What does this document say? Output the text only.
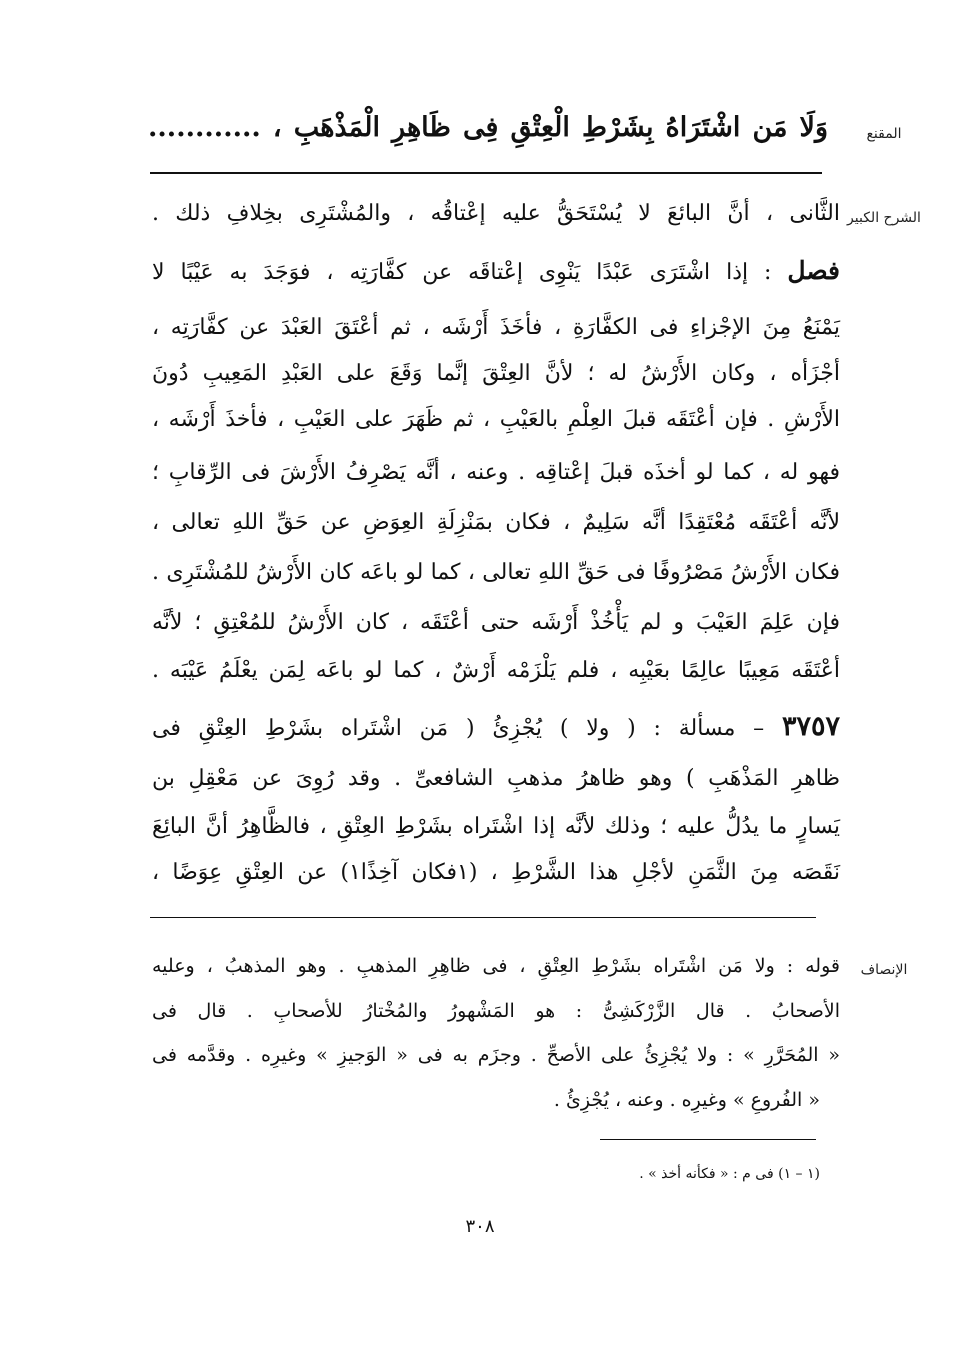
المقنع
وَلَا مَن اشْتَرَاهُ بِشَرْطِ الْعِتْقِ فِى ظَاهِرِ الْمَذْهَبِ ، ............
الشرح الكبير
الثَّانى ، أنَّ البائعَ لا يُسْتَحَقُّ عليه إعْتاقُه ، والمُشْتَرِى بخِلافِ ذلك .
فصل : إذا اشْتَرَى عَبْدًا يَنْوِى إعْتاقَه عن كفَّارَتِه ، فوَجَدَ به عَيْبًا لا
يَمْنَعُ مِنَ الإجْزاءِ فى الكفَّارَةِ ، فأخَذَ أَرْشَه ، ثم أعْتَقَ العَبْدَ عن كفَّارَتِه ،
أجْزَأه ، وكان الأَرْشُ له ؛ لأنَّ العِتْقَ إنَّما وَقَعَ على العَبْدِ المَعِيبِ دُونَ
الأَرْشِ . فإن أعْتَقَه قبلَ العِلْمِ بالعَيْبِ ، ثم ظَهَرَ على العَيْبِ ، فأخذَ أَرْشَه ،
فهو له ، كما لو أخذَه قبلَ إعْتاقِه . وعنه ، أنَّه يَصْرِفُ الأَرْشَ فى الرِّقابِ ؛
لأنَّه أعْتَقَه مُعْتَقِدًا أنَّه سَلِيمٌ ، فكان بمَنْزِلَةِ العِوَضِ عن حَقِّ اللهِ تعالى ،
فكان الأَرْشُ مَصْرُوفًا فى حَقِّ اللهِ تعالى ، كما لو باعَه كان الأَرْشُ للمُشْتَرِى .
فإن عَلِمَ العَيْبَ و لم يَأْخُذْ أَرْشَه حتى أعْتَقَه ، كان الأَرْشُ للمُعْتِقِ ؛ لأنَّه
أعْتَقَه مَعِيبًا عالِمًا بعَيْبِه ، فلم يَلْزَمْه أَرْشٌ ، كما لو باعَه لِمَن يعْلَمُ عَيْبَه .
٣٧٥٧ – مسألة : ( ولا ) يُجْزِئُ ( مَن اشْتَراه بشَرْطِ العِتْقِ فى
ظاهرِ المَذْهَبِ ) وهو ظاهرُ مذهبِ الشافعىِّ . وقد رُوِىَ عن مَعْقِلِ بن
يَسارٍ ما يدُلُّ عليه ؛ وذلك لأنَّه إذا اشْتَراه بشَرْطِ العِتْقِ ، فالظَّاهِرُ أنَّ البائِعَ
نَقَصَه مِنَ الثَّمَنِ لأجْلِ هذا الشَّرْطِ ، (١فكان آخِذًا١) عن العِتْقِ عِوَضًا ،
الإنصاف
قوله : ولا مَن اشْتَراه بشَرْطِ العِتْقِ ، فى ظاهِرِ المذهبِ . وهو المذهبُ ، وعليه
الأصحابُ . قال الزَّرْكَشِىُّ : هو المَشْهورُ والمُخْتارُ للأصحابِ . قال فى
« المُحَرَّرِ » : ولا يُجْزِئُ على الأصحِّ . وجزَم به فى « الوَجيزِ » وغيرِه . وقدَّمه فى
« الفُروعِ » وغيرِه . وعنه ، يُجْزِئُ .
(١ – ١) فى م : « فكأنه أخذ » .
٣٠٨
